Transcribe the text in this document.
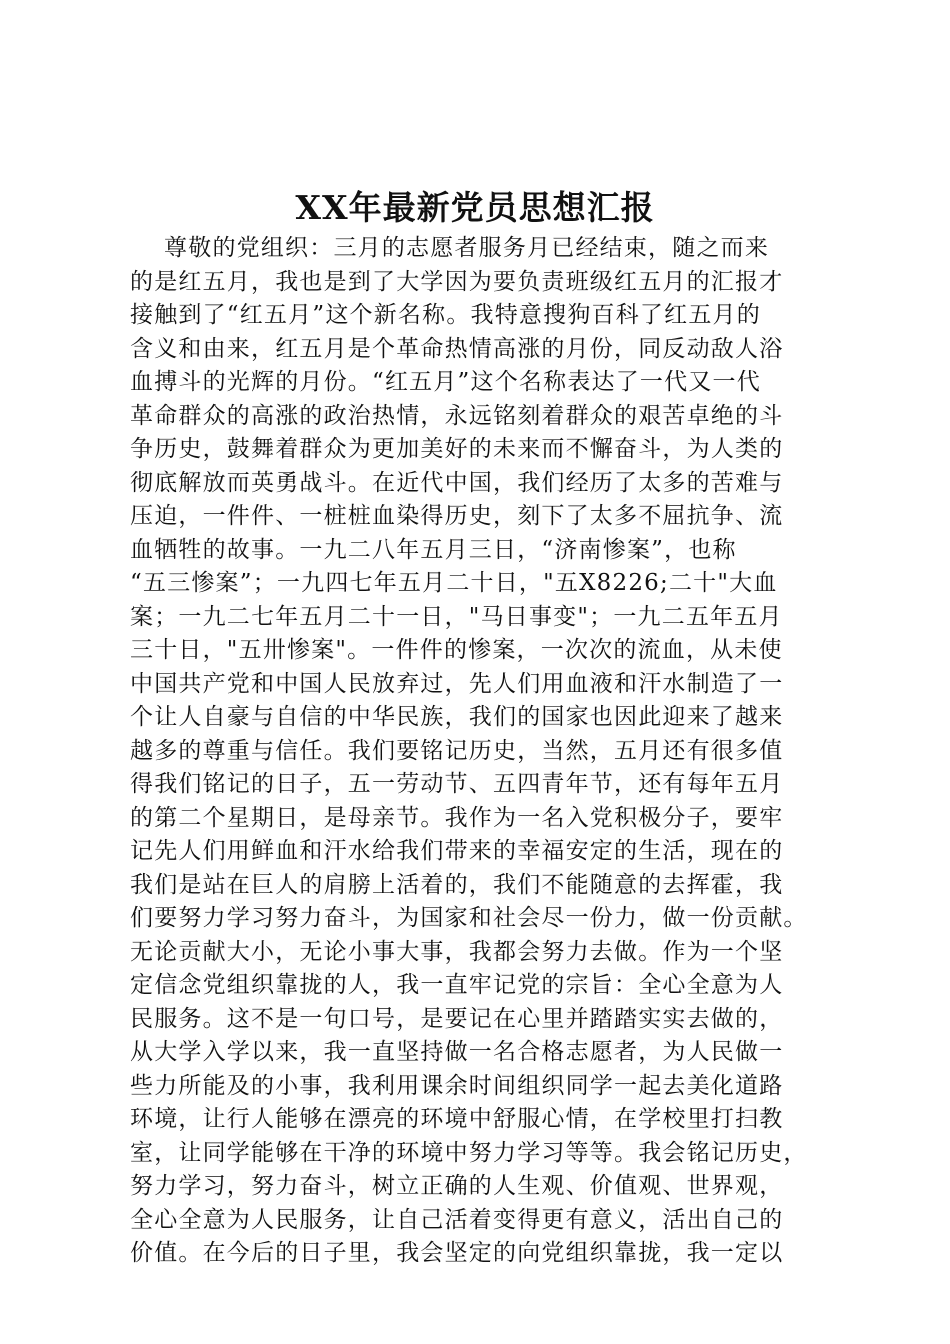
XX年最新党员思想汇报
尊敬的党组织：三月的志愿者服务月已经结束，随之而来
的是红五月，我也是到了大学因为要负责班级红五月的汇报才
接触到了“红五月”这个新名称。我特意搜狗百科了红五月的
含义和由来，红五月是个革命热情高涨的月份，同反动敌人浴
血搏斗的光辉的月份。“红五月”这个名称表达了一代又一代
革命群众的高涨的政治热情，永远铭刻着群众的艰苦卓绝的斗
争历史，鼓舞着群众为更加美好的未来而不懈奋斗，为人类的
彻底解放而英勇战斗。在近代中国，我们经历了太多的苦难与
压迫，一件件、一桩桩血染得历史，刻下了太多不屈抗争、流
血牺牲的故事。一九二八年五月三日，“济南惨案”，也称
“五三惨案”；一九四七年五月二十日，"五X8226;二十"大血
案；一九二七年五月二十一日，"马日事变"；一九二五年五月
三十日，"五卅惨案"。一件件的惨案，一次次的流血，从未使
中国共产党和中国人民放弃过，先人们用血液和汗水制造了一
个让人自豪与自信的中华民族，我们的国家也因此迎来了越来
越多的尊重与信任。我们要铭记历史，当然，五月还有很多值
得我们铭记的日子，五一劳动节、五四青年节，还有每年五月
的第二个星期日，是母亲节。我作为一名入党积极分子，要牢
记先人们用鲜血和汗水给我们带来的幸福安定的生活，现在的
我们是站在巨人的肩膀上活着的，我们不能随意的去挥霍，我
们要努力学习努力奋斗，为国家和社会尽一份力，做一份贡献。
无论贡献大小，无论小事大事，我都会努力去做。作为一个坚
定信念党组织靠拢的人，我一直牢记党的宗旨：全心全意为人
民服务。这不是一句口号，是要记在心里并踏踏实实去做的，
从大学入学以来，我一直坚持做一名合格志愿者，为人民做一
些力所能及的小事，我利用课余时间组织同学一起去美化道路
环境，让行人能够在漂亮的环境中舒服心情，在学校里打扫教
室，让同学能够在干净的环境中努力学习等等。我会铭记历史，
努力学习，努力奋斗，树立正确的人生观、价值观、世界观，
全心全意为人民服务，让自己活着变得更有意义，活出自己的
价值。在今后的日子里，我会坚定的向党组织靠拢，我一定以
